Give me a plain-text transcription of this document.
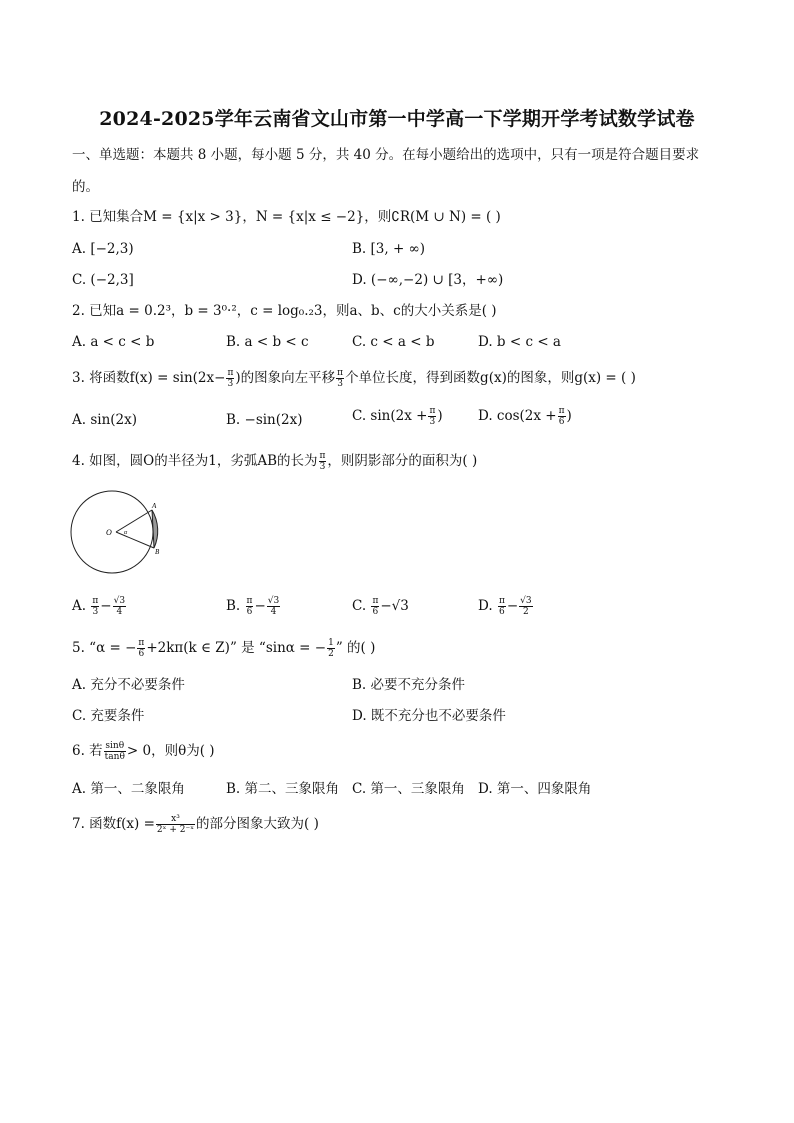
2024-2025学年云南省文山市第一中学高一下学期开学考试数学试卷
一、单选题：本题共 8 小题，每小题 5 分，共 40 分。在每小题给出的选项中，只有一项是符合题目要求
的。
1. 已知集合M = {x|x > 3}，N = {x|x ≤ −2}，则∁R(M ∪ N) = ( )
A. [−2,3)	B. [3, + ∞)
C. (−2,3]	D. (−∞,−2) ∪ [3，+∞)
2. 已知a = 0.2³，b = 3⁰·²，c = log₀.₂3，则a、b、c的大小关系是( )
A. a < c < b	B. a < b < c	C. c < a < b	D. b < c < a
3. 将函数$f(x) = \sin(2x- \frac{\pi}{3}$ )的图象向左平移 $\frac{\pi}{3}$ 个单位长度，得到函数g(x)的图象，则g(x) = ( )
A. sin(2x)	B. −sin(2x)	C. $\sin(2x + \frac{\pi}{3}$ )	D. $\cos(2x + \frac{\pi}{6}$ )
4. 如图，圆O的半径为1，劣弧AB的长为 $\frac{\pi}{3}$ ，则阴影部分的面积为( )
O α
A
B
A. $\frac{\pi}{3} - \frac{√3}{4}$	B. $\frac{\pi}{6} - \frac{√3}{4}$	C. $\frac{\pi}{6} -√3$	D. $\frac{\pi}{6} - \frac{√3}{2}$
5. “α = − $\frac{\pi}{6} +2k\pi(k$ ∈ Z)” 是 “sinα = − $\frac{1}{2}$ ” 的( )
A. 充分不必要条件	B. 必要不充分条件
C. 充要条件	D. 既不充分也不必要条件
6. 若 $\frac{\sin\theta}{\tan\theta} > 0$，则θ为( )
A. 第一、二象限角	B. 第二、三象限角 C. 第一、三象限角 D. 第一、四象限角
7. 函数$f(x) = \frac{\text{x³}}{\text{2ˣ + 2⁻ˣ}}$ 的部分图象大致为( )
